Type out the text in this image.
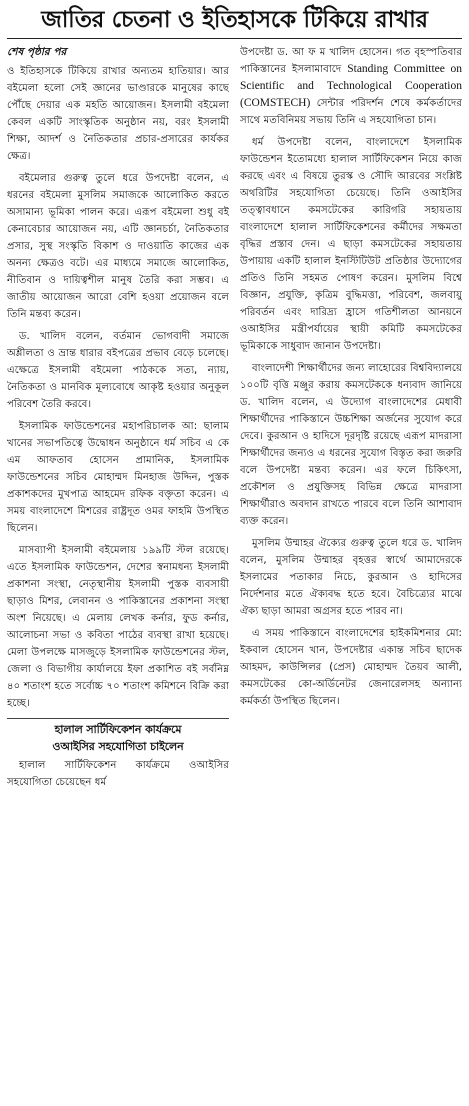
জাতির চেতনা ও ইতিহাসকে টিকিয়ে রাখার
শেষ পৃষ্ঠার পর

ও ইতিহাসকে টিকিয়ে রাখার অন্যতম হাতিয়ার। আর বইমেলা হলো সেই জ্ঞানের ভাণ্ডারকে মানুষের কাছে পৌঁছে দেয়ার এক মহতি আয়োজন। ইসলামী বইমেলা কেবল একটি সাংস্কৃতিক অনুষ্ঠান নয়, বরং ইসলামী শিক্ষা, আদর্শ ও নৈতিকতার প্রচার-প্রসারের কার্যকর ক্ষেত্র।

বইমেলার গুরুত্ব তুলে ধরে উপদেষ্টা বলেন, এ ধরনের বইমেলা মুসলিম সমাজকে আলোকিত করতে অসামান্য ভূমিকা পালন করে। এরূপ বইমেলা শুধু বই কেনাবেচার আয়োজন নয়, এটি জ্ঞানচর্চা, নৈতিকতার প্রসার, সুস্থ সংস্কৃতি বিকাশ ও দাওয়াতি কাজের এক অনন্য ক্ষেত্রও বটে। এর মাধ্যমে সমাজে আলোকিত, নীতিবান ও দায়িত্বশীল মানুষ তৈরি করা সম্ভব। এ জাতীয় আয়োজন আরো বেশি হওয়া প্রয়োজন বলে তিনি মন্তব্য করেন।

ড. খালিদ বলেন, বর্তমান ভোগবাদী সমাজে অশ্লীলতা ও ভ্রান্ত ধারার বইপত্রের প্রভাব বেড়ে চলেছে। এক্ষেত্রে ইসলামী বইমেলা পাঠককে সত্য, ন্যায়, নৈতিকতা ও মানবিক মূল্যবোধে আকৃষ্ট হওয়ার অনুকূল পরিবেশ তৈরি করবে।

ইসলামিক ফাউন্ডেশনের মহাপরিচালক আ: ছালাম খানের সভাপতিত্বে উদ্বোধন অনুষ্ঠানে ধর্ম সচিব এ কে এম আফতাব হোসেন প্রামানিক, ইসলামিক ফাউন্ডেশনের সচিব মোহাম্মদ মিনহাজ উদ্দিন, পুস্তক প্রকাশকদের মুখপাত্র আহমেদ রফিক বক্তৃতা করেন। এ সময় বাংলাদেশে মিশরের রাষ্ট্রদূত ওমর ফাহমি উপস্থিত ছিলেন।

মাসব্যাপী ইসলামী বইমেলায় ১৯৯টি স্টল রয়েছে। এতে ইসলামিক ফাউন্ডেশন, দেশের স্বনামধন্য ইসলামী প্রকাশনা সংস্থা, নেতৃস্থানীয় ইসলামী পুস্তক ব্যবসায়ী ছাড়াও মিশর, লেবানন ও পাকিস্তানের প্রকাশনা সংস্থা অংশ নিয়েছে। এ মেলায় লেখক কর্নার, ফুড কর্নার, আলোচনা সভা ও কবিতা পাঠের ব্যবস্থা রাখা হয়েছে। মেলা উপলক্ষে মাসজুড়ে ইসলামিক ফাউন্ডেশনের স্টল, জেলা ও বিভাগীয় কার্যালয়ে ইফা প্রকাশিত বই সর্বনিম্ন ৪০ শতাংশ হতে সর্বোচ্চ ৭০ শতাংশ কমিশনে বিক্রি করা হচ্ছে।

হালাল সার্টিফিকেশন কার্যক্রমে
ওআইসির সহযোগিতা চাইলেন

হালাল সার্টিফিকেশন কার্যক্রমে ওআইসির সহযোগিতা চেয়েছেন ধর্ম

উপদেষ্টা ড. আ ফ ম খালিদ হোসেন। গত বৃহস্পতিবার পাকিস্তানের ইসলামাবাদে Standing Committee on Scientific and Technological Cooperation (COMSTECH) সেন্টার পরিদর্শন শেষে কর্মকর্তাদের সাথে মতবিনিময় সভায় তিনি এ সহযোগিতা চান।

ধর্ম উপদেষ্টা বলেন, বাংলাদেশে ইসলামিক ফাউন্ডেশন ইতোমধ্যে হালাল সার্টিফিকেশন নিয়ে কাজ করছে এবং এ বিষয়ে তুরস্ক ও সৌদি আরবের সংশ্লিষ্ট অথরিটির সহযোগিতা চেয়েছে। তিনি ওআইসির তত্ত্বাবধানে কমসটেকের কারিগরি সহায়তায় বাংলাদেশে হালাল সার্টিফিকেশনের কর্মীদের সক্ষমতা বৃদ্ধির প্রস্তাব দেন। এ ছাড়া কমসটেকের সহায়তায় উপায়ায় একটি হালাল ইনস্টিটিউট প্রতিষ্ঠার উদ্যোগের প্রতিও তিনি সহমত পোষণ করেন। মুসলিম বিশ্বে বিজ্ঞান, প্রযুক্তি, কৃত্রিম বুদ্ধিমত্তা, পরিবেশ, জলবায়ু পরিবর্তন এবং দারিদ্র্য হ্রাসে গতিশীলতা আনয়নে ওআইসির মন্ত্রীপর্যায়ের স্থায়ী কমিটি কমসটেকের ভূমিকাকে সাধুবাদ জানান উপদেষ্টা।

বাংলাদেশী শিক্ষার্থীদের জন্য লাহোরের বিশ্ববিদ্যালয়ে ১০০টি বৃত্তি মঞ্জুর করায় কমসটেককে ধন্যবাদ জানিয়ে ড. খালিদ বলেন, এ উদ্যোগ বাংলাদেশের মেধাবী শিক্ষার্থীদের পাকিস্তানে উচ্চশিক্ষা অর্জনের সুযোগ করে দেবে। কুরআন ও হাদিসে দূরদৃষ্টি রয়েছে এরূপ মাদরাসা শিক্ষার্থীদের জন্যও এ ধরনের সুযোগ বিস্তৃত করা জরুরি বলে উপদেষ্টা মন্তব্য করেন। এর ফলে চিকিৎসা, প্রকৌশল ও প্রযুক্তিসহ বিভিন্ন ক্ষেত্রে মাদরাসা শিক্ষার্থীরাও অবদান রাখতে পারবে বলে তিনি আশাবাদ ব্যক্ত করেন।

মুসলিম উম্মাহর ঐক্যের গুরুত্ব তুলে ধরে ড. খালিদ বলেন, মুসলিম উম্মাহর বৃহত্তর স্বার্থে আমাদেরকে ইসলামের পতাকার নিচে, কুরআন ও হাদিসের নির্দেশনার মতে ঐক্যবদ্ধ হতে হবে। বৈচিত্র্যের মাঝে ঐক্য ছাড়া আমরা অগ্রসর হতে পারব না।

এ সময় পাকিস্তানে বাংলাদেশের হাইকমিশনার মো: ইকবাল হোসেন খান, উপদেষ্টার একান্ত সচিব ছাদেক আহমদ, কাউন্সিলর (প্রেস) মোহাম্মদ তৈয়ব আলী, কমসটেকের কো-অর্ডিনেটর জেনারেলসহ অন্যান্য কর্মকর্তা উপস্থিত ছিলেন।
